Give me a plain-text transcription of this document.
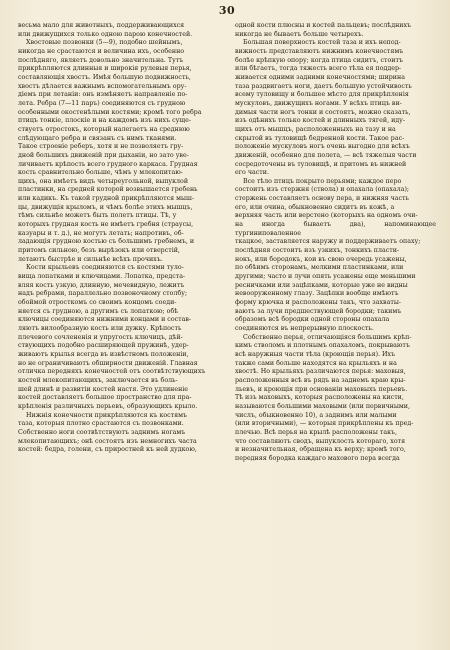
30

весьма мало для животныхъ, поддерживающихся
или движущихся только одною парою конечностей.

Хвостовые позвонки (5—9), подобно шейнымъ,
никогда не срастаются и величина ихъ, особенно
послѣдняго, являетъ довольно значительна. Тутъ
прикрѣпляются длинныя и широкія рулевыя перья,
составляющія хвостъ. Имѣя большую подвижность,
хвостъ дѣлается важнымъ вспомогательнымъ ору-
діемъ при летаніи: онъ измѣняетъ направленіе по-
лета. Ребра (7—11 паръ) соединяются съ грудною
особенными окостенѣлыми костями; кромѣ того ребра
птицъ тонкіе, плоскіе и на каждомъ изъ нихъ суще-
ствуетъ отростокъ, который налегаетъ на среднюю
слѣдующаго ребра и связанъ съ нимъ тканями.
Такое строеніе реберъ, хотя и не позволяетъ гру-
дной большихъ движеній при дыханіи, но зато уве-
личиваетъ крѣпость всего грудного каркаса. Грудная
кость сравнительно больше, чѣмъ у млекопитаю-
щихъ, она имѣетъ видъ четыреугольной, выпуклой
пластинки, на средней которой возвышается гребень
или кадикъ. Къ такой грудной прикрѣпляются мыш-
цы, движущія крыломъ, и чѣмъ болѣе этихъ мышцъ,
тѣмъ сильнѣе можетъ быть полетъ птицы. Тѣ, у
которыхъ грудная кость не имѣетъ гребня (страусы,
казуары и т. д.), не могутъ летать; напротивъ, об-
ладающія грудною костью съ большимъ гребнемъ, и
притомъ сильною, безъ вырѣзокъ или отверстій,
летаютъ быстрѣе и сильнѣе всѣхъ прочихъ.

Кости крыльевъ соединяются съ костями туло-
вища лопатками и ключицами. Лопатка, предста-
вляя кость узкую, длинную, мечевидную, лежитъ
надъ ребрами, параллельно позвоночному столбу;
обоймой отросткомъ со своимъ концомъ соеди-
няется съ грудною, а другимъ съ лопаткою; обѣ
ключицы соединяются нижними концами и состав-
ляютъ вилообразную кость или дужку. Крѣпость
плечевого сочлененія и упругость ключицъ, дѣй-
ствующихъ подобно расширяющей пружинѣ, удер-
живаютъ крылья всегда въ извѣстномъ положеніи,
но не ограничиваютъ обширности движеній. Главная
отличка передняхъ конечностей отъ соотвѣтствующихъ
костей млекопитающихъ, заключается въ боль-
шей длинѣ и развитіи костей настя. Это удлиненіе
костей доставляетъ большое пространство для пра-
крѣпленія различныхъ перьевъ, образующихъ крыло.

Нижнія конечности прикрѣпляются къ костямъ
таза, которыя плотно срастаются съ позвонками.
Собственно ноги соотвѣтствуютъ заднимъ ногамъ
млекопитающихъ; онѣ состоятъ изъ немногихъ часта
костей: бедра, голени, съ приростней къ ней дудкою,

одной кости плюсны и костей пальцевъ; послѣднихъ
никогда не бываетъ больше четырехъ.

Большая поверхность костей таза и ихъ непод-
вижность представляютъ нижнимъ конечностямъ
болѣе крѣпкую опору; когда птица сидитъ, стоитъ
или бѣгаетъ, тогда тяжесть всего тѣла ея поддер-
живается одними задними конечностями; ширина
таза раздвигаетъ ноги, даетъ большую устойчивость
всему туловищу и большее мѣсто для прикрѣпленія
мускуловъ, движущихъ ногами. У всѣхъ птицъ ви-
димыя части ногъ тонки и состоятъ, можно сказать,
изъ одѣнихъ только костей и длинныхъ тягей, иду-
щихъ отъ мышцъ, расположенныхъ на тазу и на
скрытой въ туловищѣ бедренной кости. Такое рас-
положеніе мускуловъ ногъ очень выгодно для всѣхъ
движеній, особенно для полета, — всѣ тяжелыя части
сосредоточены въ туловищѣ, и притомъ въ нижней
его части.

Все тѣло птицъ покрыто перьями; каждое перо
состоитъ изъ стержня (ствола) и опахала (опахала);
стержень составляетъ основу пера, и нижняя часть
его, или очина, обыкновенно сидитъ въ кожѣ, а
верхняя часть или верстено (которыхъ на одномъ очи-
на иногда бываетъ два), напоминающее тургиниповаленное
ткацкое, заставляется наружу и поддерживаетъ опаху;
послѣдняя состоитъ изъ узкихъ, тонкихъ пласти-
нокъ, или бородокъ, кои въ свою очередь усажены,
по обѣимъ сторонамъ, мелкими пластинками, или
другими; часто и лучи опять усажены еще меньшими
ресничками или зацѣпками, которые уже не видны
невооруженному глазу. Зацѣпки вообще имѣютъ
форму крючка и расположены такъ, что захваты-
ваютъ за лучи предшествующей бородки; такимъ
образомъ всѣ бородки одной стороны опахала
соединяются въ непрерывную плоскость.

Собственно перья, отличающіяся большимъ крѣп-
кимъ стволомъ и плотнымъ опахаломъ, покрываютъ
всѣ наружныя части тѣла (кроющія перья). Ихъ
также сами больше находятся на крыльяхъ и на
хвостѣ. Но крыльяхъ различаются перья: маховыя,
расположенныя всѣ въ рядъ на заднемъ краю кры-
льевъ, и кроющія при основаніи маховыхъ перьевъ.
Тѣ изъ маховыхъ, которыя расположены на кисти,
называются большими маховыми (или первичными,
числъ, обыкновенно 10), а заднимъ или малыми
(или вторичными), — которыя прикрѣплены къ пред-
плечью. Всѣ перья на крылѣ расположены такъ,
что составляютъ сводъ, выпуклость котораго, хотя
и незначительная, обращена къ верху; кромѣ того,
передняя бородка каждаго махового пера всегда
